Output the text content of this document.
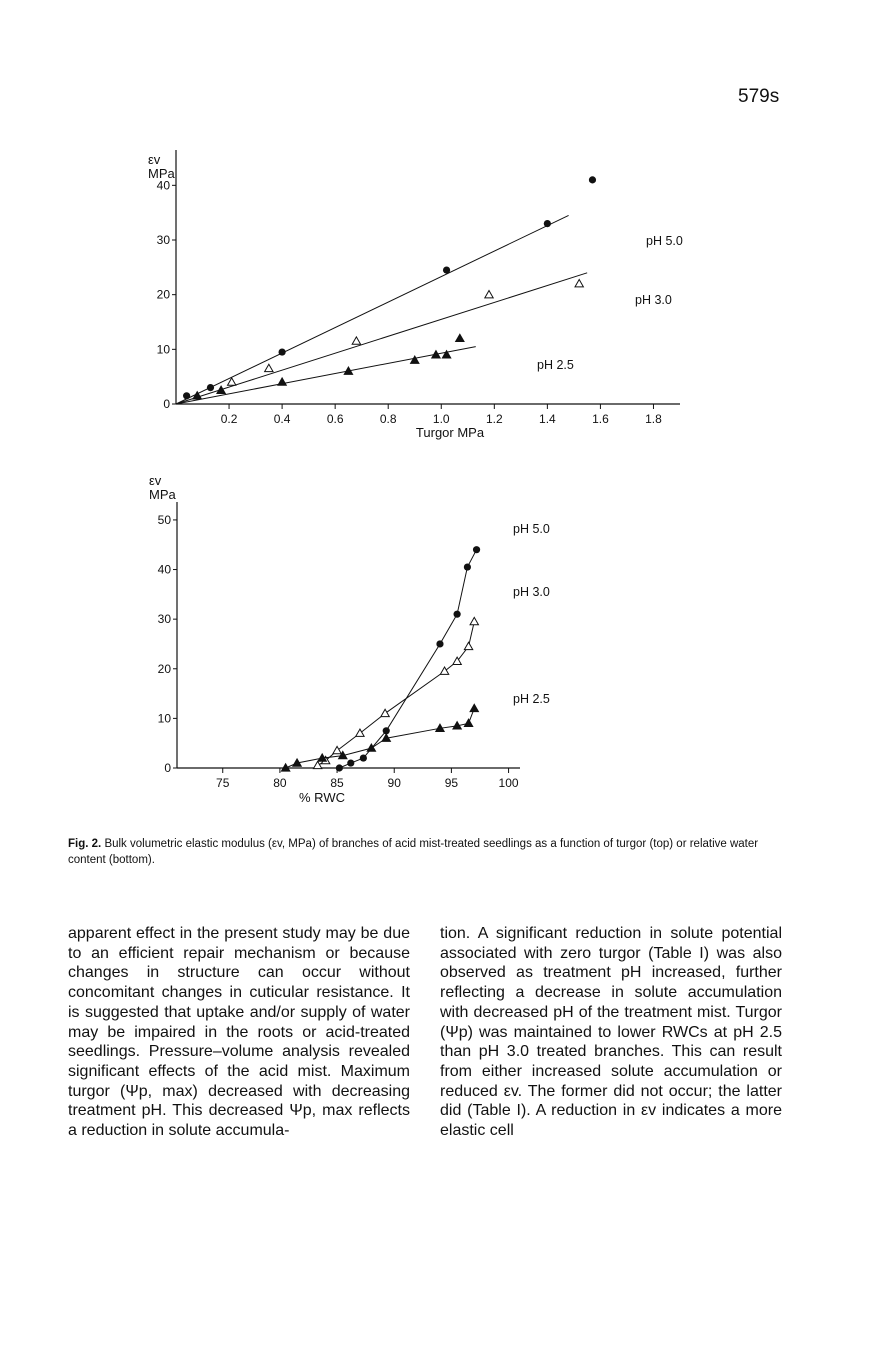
579s
εv
MPa
Turgor MPa
0.2	0.4	0.6	0.8	1.0	1.2	1.4	1.6	1.8
0
10
20
30
40
pH 5.0
pH 3.0
pH 2.5
εv
MPa
% RWC
75	80	85	90	95	100
0
10
20
30
40
50
pH 5.0
pH 3.0
pH 2.5
Fig. 2. Bulk volumetric elastic modulus (εv, MPa) of branches of acid mist-treated seedlings as a function of turgor (top) or relative water content (bottom).

apparent effect in the present study may be due to an efficient repair mechanism or because changes in structure can occur without concomitant changes in cuticular resistance. It is suggested that uptake and/or supply of water may be impaired in the roots or acid-treated seedlings. Pressure–volume analysis revealed significant effects of the acid mist. Maximum turgor (Ψp, max) decreased with decreasing treatment pH. This decreased Ψp, max reflects a reduction in solute accumula-

tion. A significant reduction in solute potential associated with zero turgor (Table I) was also observed as treatment pH increased, further reflecting a decrease in solute accumulation with decreased pH of the treatment mist. Turgor (Ψp) was maintained to lower RWCs at pH 2.5 than pH 3.0 treated branches. This can result from either increased solute accumulation or reduced εv. The former did not occur; the latter did (Table I). A reduction in εv indicates a more elastic cell
